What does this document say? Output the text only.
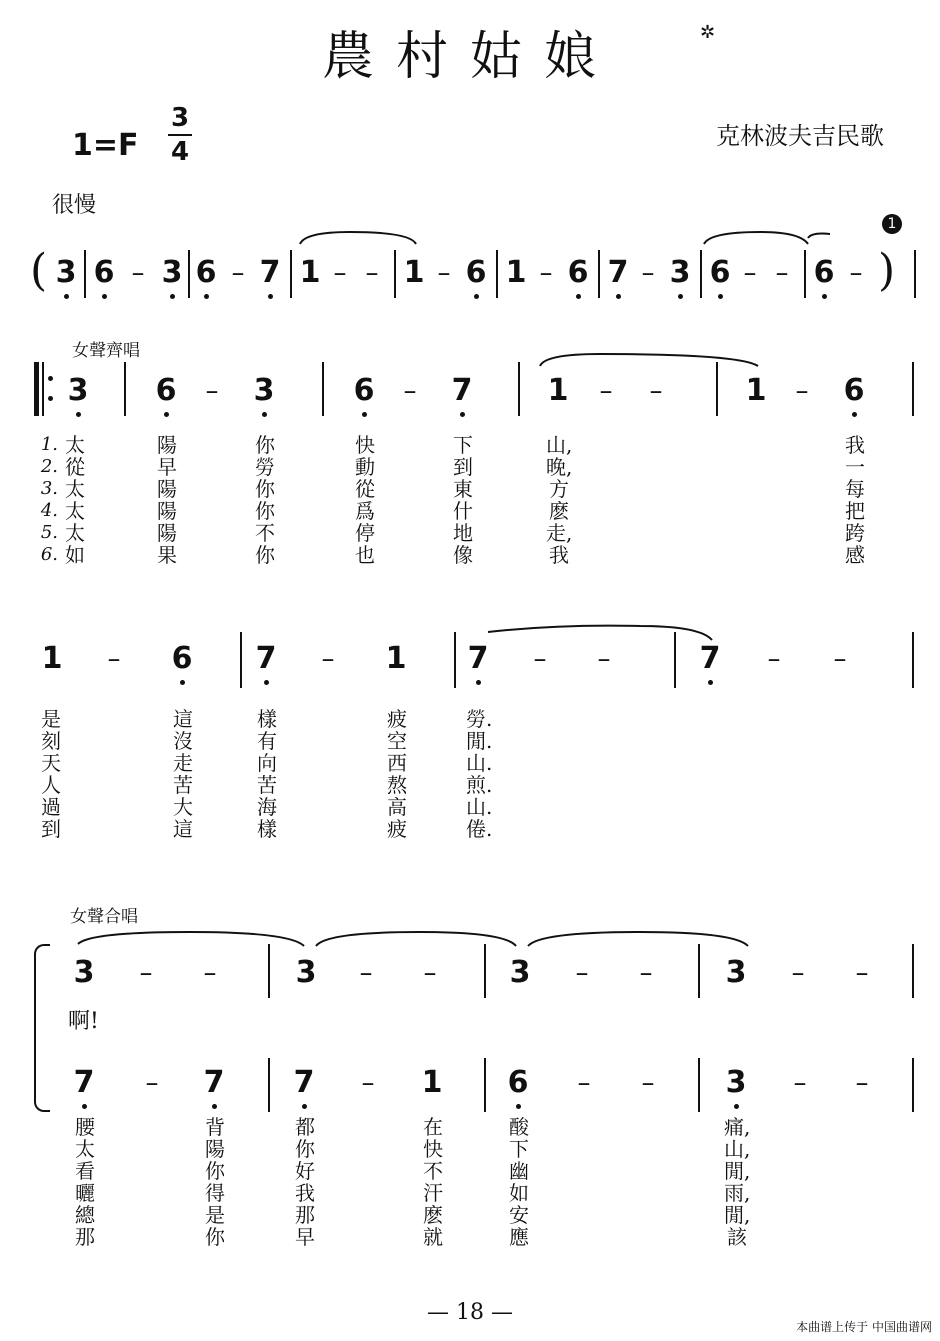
農村姑娘	✲
1=F
3
4
克林波夫吉民歌
很慢
1
(	)
3 6 – 3 6 – 7 1 – – 1 – 6 1 – 6 7 – 3 6 – – 6 –
女聲齊唱
3 6 – 3	6 – 7	1 – –	1 – 6
1.
2.
3.
4.
5.
6.
太	陽	你	快	下	山,	我
從	早	勞	動	到	晚,	一
太	陽	你	從	東	方	每
太	陽	你	爲	什	麽	把
太	陽	不	停	地	走,	跨
如	果	你	也	像	我	感
是	這	樣	疲	勞.
刻	沒	有	空	閒.
天	走	向	西	山.
人	苦	苦	熬	煎.
過	大	海	高	山.
到	這	樣	疲	倦.
腰	背	都	在	酸	痛,
太	陽	你	快	下	山,
看	你	好	不	幽	閒,
曬	得	我	汗	如	雨,
總	是	那	麽	安	閒,
那	你	早	就	應	該
1 – 6 7 – 1 7 – –	7 – –
女聲合唱
3 – –	3 – – 3 – – 3 – –
啊!
7 – 7 7 – 1 6 – – 3 – –
— 18 —
本曲谱上传于 中国曲谱网
